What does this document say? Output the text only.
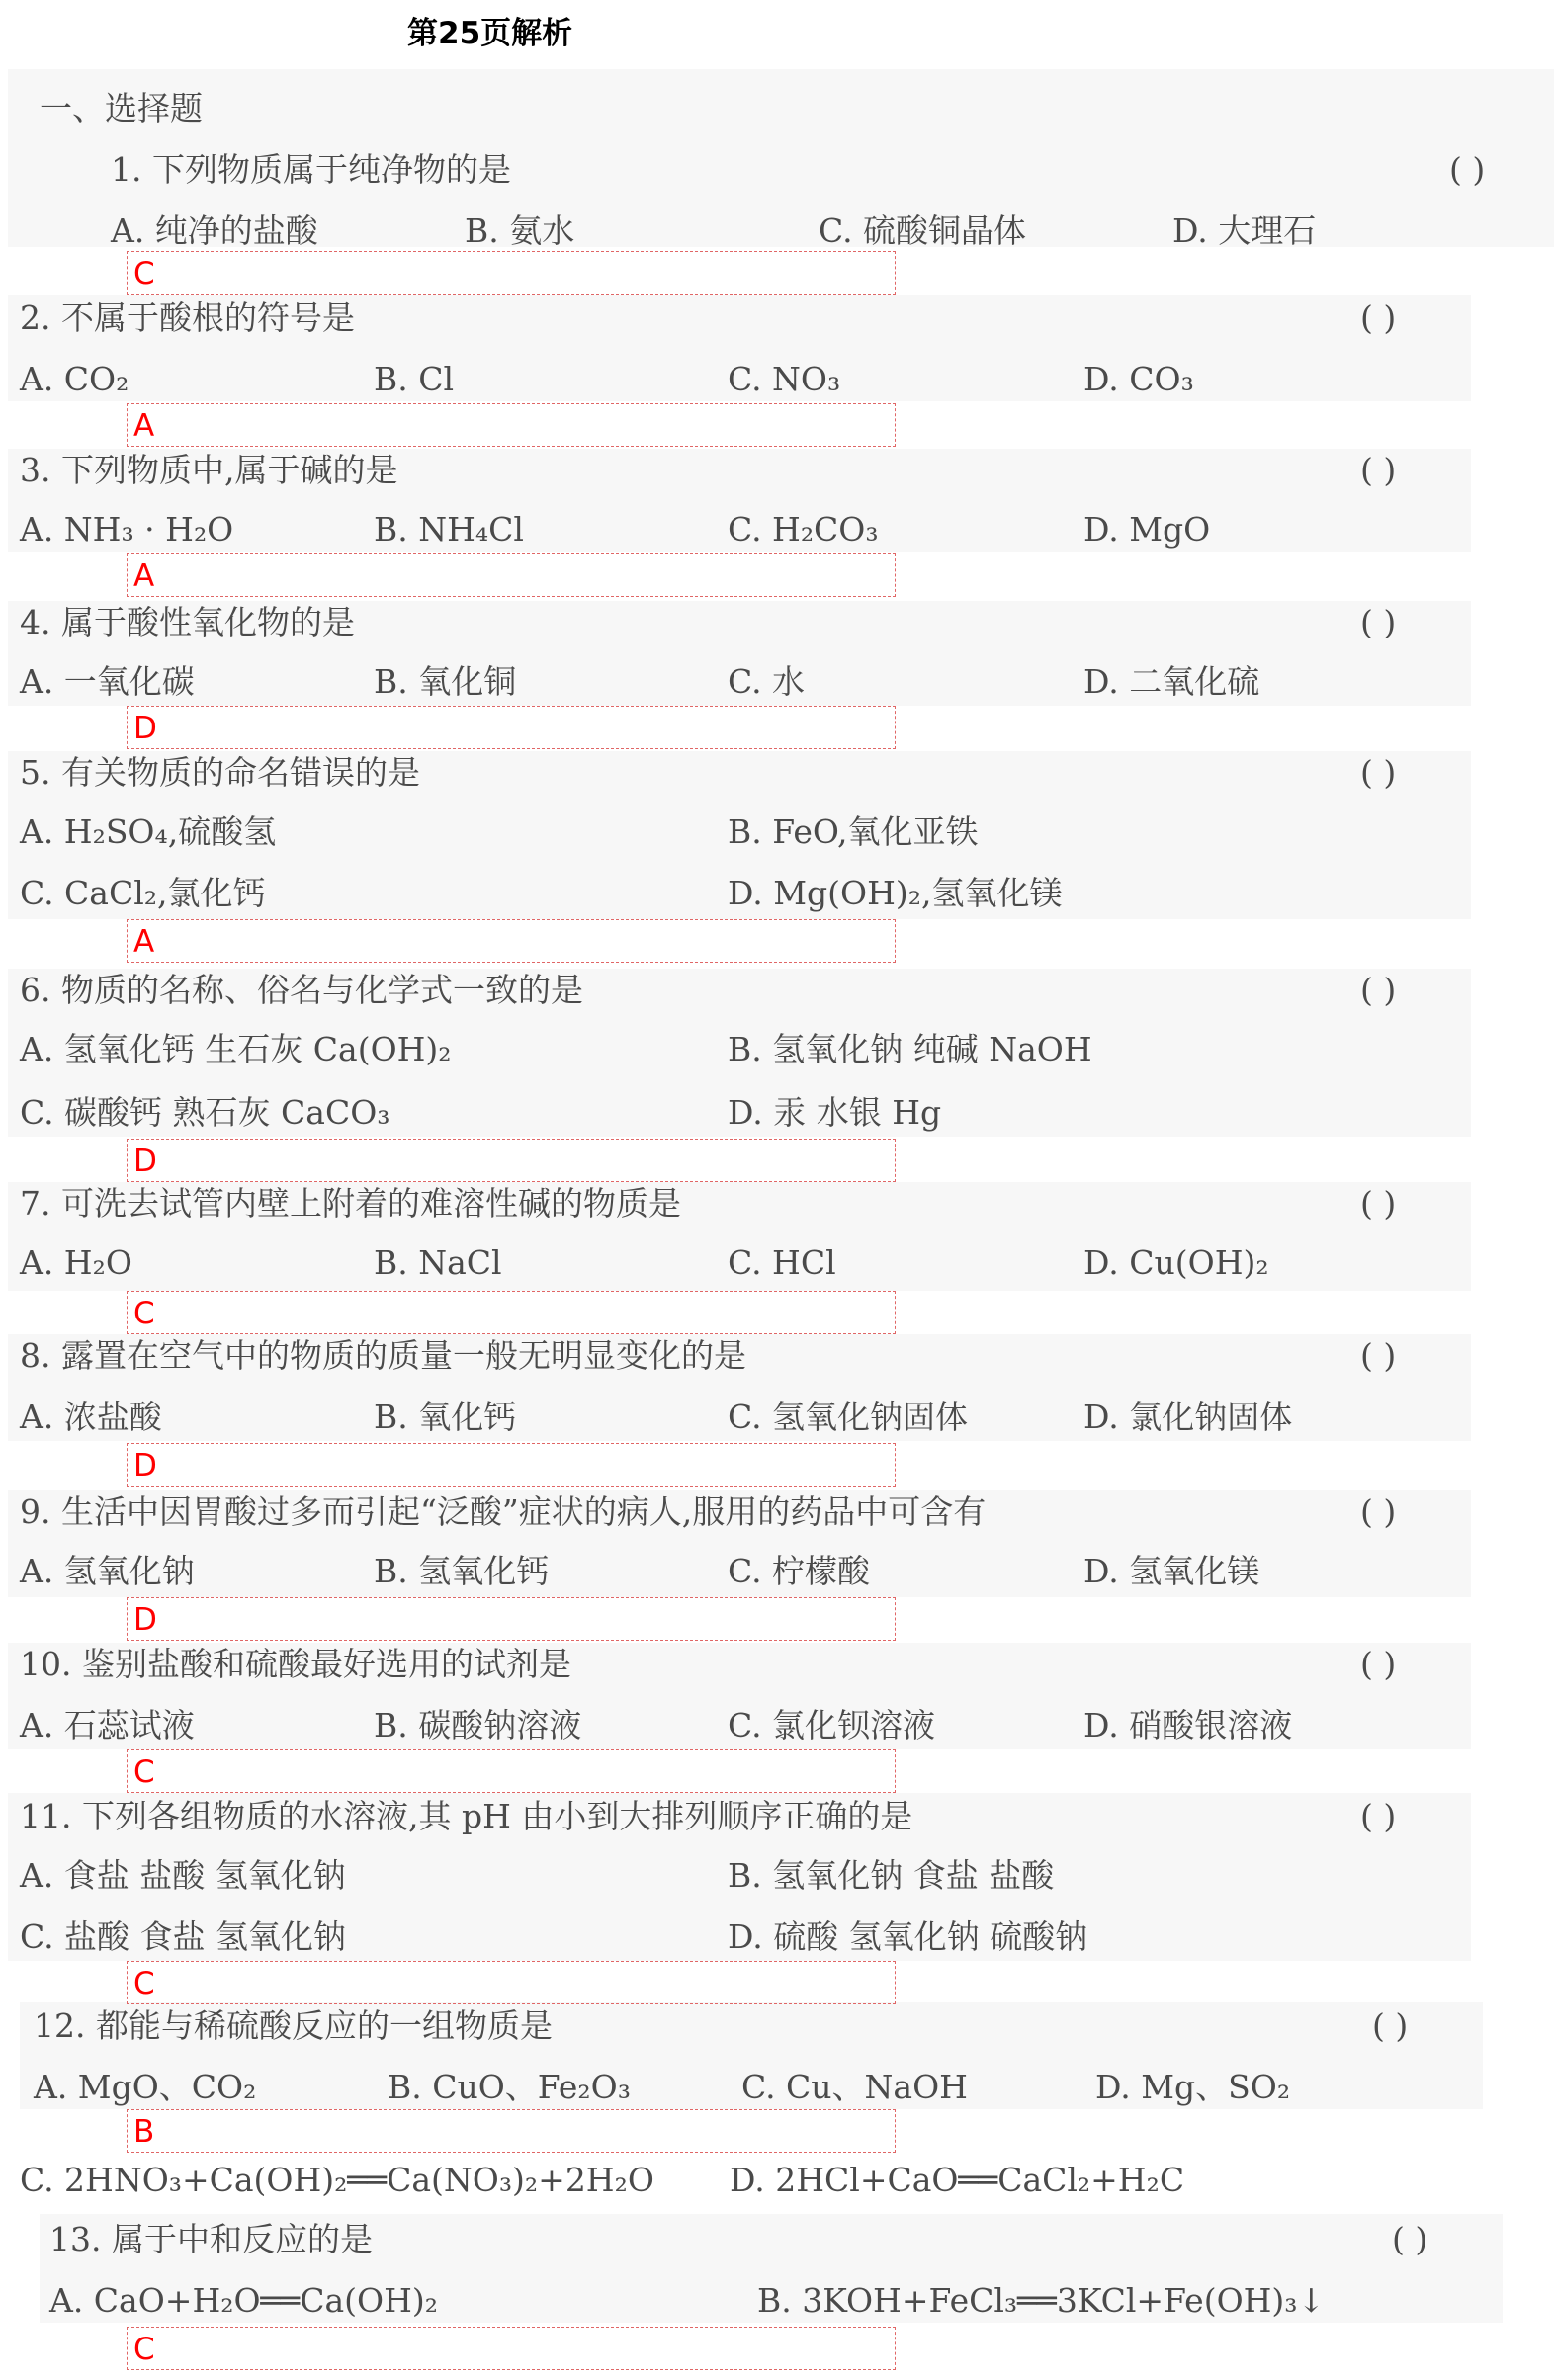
第25页解析
一、选择题
1. 下列物质属于纯净物的是	( )
A. 纯净的盐酸	B. 氨水	C. 硫酸铜晶体	D. 大理石
C
2. 不属于酸根的符号是	( )
A. CO₂	B. Cl	C. NO₃	D. CO₃
A
3. 下列物质中,属于碱的是	( )
A. NH₃ · H₂O	B. NH₄Cl	C. H₂CO₃	D. MgO
A
4. 属于酸性氧化物的是	( )
A. 一氧化碳	B. 氧化铜	C. 水	D. 二氧化硫
D
5. 有关物质的命名错误的是	( )
A. H₂SO₄,硫酸氢	B. FeO,氧化亚铁
C. CaCl₂,氯化钙	D. Mg(OH)₂,氢氧化镁
A
6. 物质的名称、俗名与化学式一致的是	( )
A. 氢氧化钙 生石灰 Ca(OH)₂	B. 氢氧化钠 纯碱 NaOH
C. 碳酸钙 熟石灰 CaCO₃	D. 汞 水银 Hg
D
7. 可洗去试管内壁上附着的难溶性碱的物质是	( )
A. H₂O	B. NaCl	C. HCl	D. Cu(OH)₂
C
8. 露置在空气中的物质的质量一般无明显变化的是	( )
A. 浓盐酸	B. 氧化钙	C. 氢氧化钠固体	D. 氯化钠固体
D
9. 生活中因胃酸过多而引起“泛酸”症状的病人,服用的药品中可含有	( )
A. 氢氧化钠	B. 氢氧化钙	C. 柠檬酸	D. 氢氧化镁
D
10. 鉴别盐酸和硫酸最好选用的试剂是	( )
A. 石蕊试液	B. 碳酸钠溶液	C. 氯化钡溶液	D. 硝酸银溶液
C
11. 下列各组物质的水溶液,其 pH 由小到大排列顺序正确的是	( )
A. 食盐 盐酸 氢氧化钠	B. 氢氧化钠 食盐 盐酸
C. 盐酸 食盐 氢氧化钠	D. 硫酸 氢氧化钠 硫酸钠
C
12. 都能与稀硫酸反应的一组物质是	( )
A. MgO、CO₂	B. CuO、Fe₂O₃	C. Cu、NaOH	D. Mg、SO₂
B
C. 2HNO₃+Ca(OH)₂══Ca(NO₃)₂+2H₂O D. 2HCl+CaO══CaCl₂+H₂C
13. 属于中和反应的是	( )
A. CaO+H₂O══Ca(OH)₂	B. 3KOH+FeCl₃══3KCl+Fe(OH)₃↓
C
